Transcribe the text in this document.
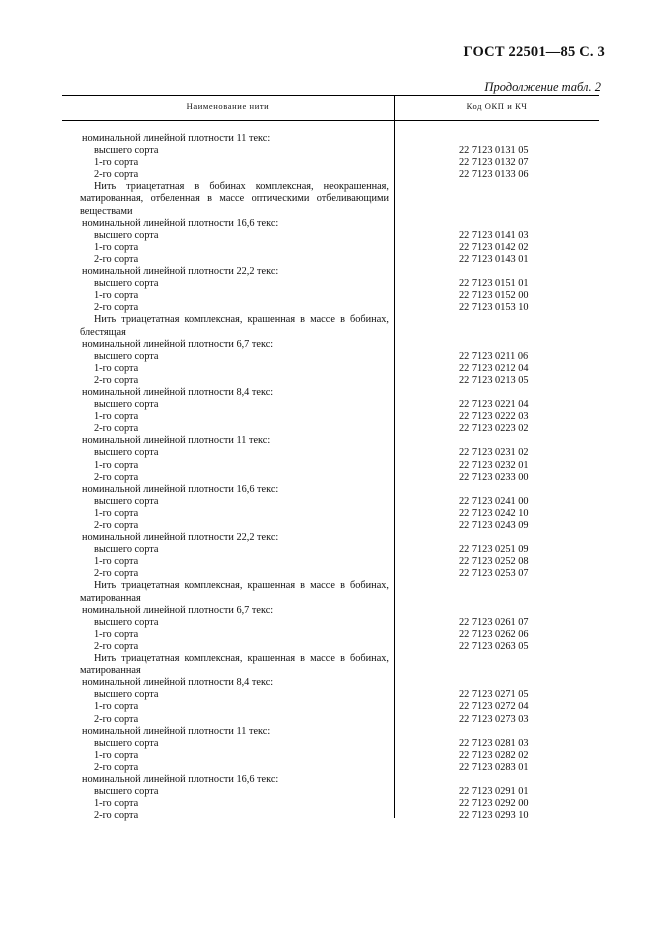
ГОСТ 22501—85 С. 3
Продолжение табл. 2
Наименование нити	Код ОКП и КЧ
номинальной линейной плотности 11 текс:
высшего сорта	22 7123 0131 05
1-го сорта	22 7123 0132 07
2-го сорта	22 7123 0133 06
Нить триацетатная в бобинах комплексная, неокрашенная, матированная, отбеленная в массе оптическими отбеливающими веществами
номинальной линейной плотности 16,6 текс:
высшего сорта	22 7123 0141 03
1-го сорта	22 7123 0142 02
2-го сорта	22 7123 0143 01
номинальной линейной плотности 22,2 текс:
высшего сорта	22 7123 0151 01
1-го сорта	22 7123 0152 00
2-го сорта	22 7123 0153 10
Нить триацетатная комплексная, крашенная в массе в бобинах, блестящая
номинальной линейной плотности 6,7 текс:
высшего сорта	22 7123 0211 06
1-го сорта	22 7123 0212 04
2-го сорта	22 7123 0213 05
номинальной линейной плотности 8,4 текс:
высшего сорта	22 7123 0221 04
1-го сорта	22 7123 0222 03
2-го сорта	22 7123 0223 02
номинальной линейной плотности 11 текс:
высшего сорта	22 7123 0231 02
1-го сорта	22 7123 0232 01
2-го сорта	22 7123 0233 00
номинальной линейной плотности 16,6 текс:
высшего сорта	22 7123 0241 00
1-го сорта	22 7123 0242 10
2-го сорта	22 7123 0243 09
номинальной линейной плотности 22,2 текс:
высшего сорта	22 7123 0251 09
1-го сорта	22 7123 0252 08
2-го сорта	22 7123 0253 07
Нить триацетатная комплексная, крашенная в массе в бобинах, матированная
номинальной линейной плотности 6,7 текс:
высшего сорта	22 7123 0261 07
1-го сорта	22 7123 0262 06
2-го сорта	22 7123 0263 05
Нить триацетатная комплексная, крашенная в массе в бобинах, матированная
номинальной линейной плотности 8,4 текс:
высшего сорта	22 7123 0271 05
1-го сорта	22 7123 0272 04
2-го сорта	22 7123 0273 03
номинальной линейной плотности 11 текс:
высшего сорта	22 7123 0281 03
1-го сорта	22 7123 0282 02
2-го сорта	22 7123 0283 01
номинальной линейной плотности 16,6 текс:
высшего сорта	22 7123 0291 01
1-го сорта	22 7123 0292 00
2-го сорта	22 7123 0293 10
